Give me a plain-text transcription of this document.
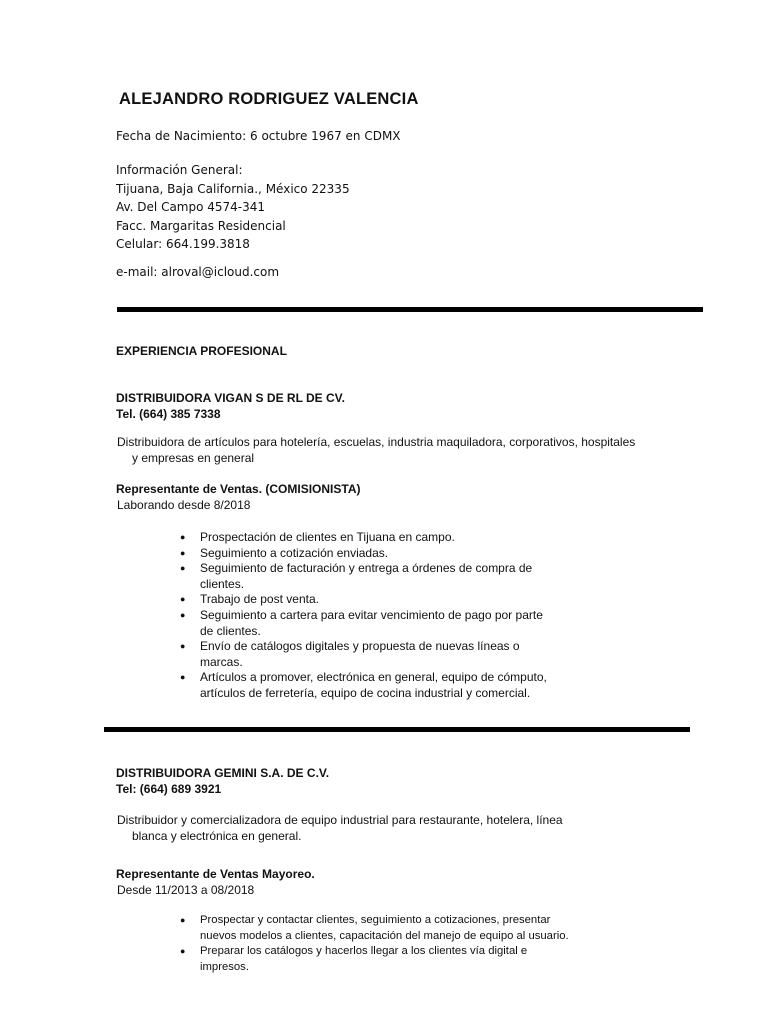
ALEJANDRO RODRIGUEZ VALENCIA
Fecha de Nacimiento: 6 octubre 1967 en CDMX
Información General:
Tijuana, Baja California., México 22335
Av. Del Campo 4574-341
Facc. Margaritas Residencial
Celular: 664.199.3818
e-mail: alroval@icloud.com
EXPERIENCIA PROFESIONAL
DISTRIBUIDORA VIGAN S DE RL DE CV.
Tel. (664) 385 7338
Distribuidora de artículos para hotelería, escuelas, industria maquiladora, corporativos, hospitales
y empresas en general
Representante de Ventas. (COMISIONISTA)
Laborando desde 8/2018
● Prospectación de clientes en Tijuana en campo.
● Seguimiento a cotización enviadas.
● Seguimiento de facturación y entrega a órdenes de compra de clientes.
● Trabajo de post venta.
● Seguimiento a cartera para evitar vencimiento de pago por parte de clientes.
● Envío de catálogos digitales y propuesta de nuevas líneas o marcas.
● Artículos a promover, electrónica en general, equipo de cómputo, artículos de ferretería, equipo de cocina industrial y comercial.
DISTRIBUIDORA GEMINI S.A. DE C.V.
Tel: (664) 689 3921
Distribuidor y comercializadora de equipo industrial para restaurante, hotelera, línea
blanca y electrónica en general.
Representante de Ventas Mayoreo.
Desde 11/2013 a 08/2018
● Prospectar y contactar clientes, seguimiento a cotizaciones, presentar nuevos modelos a clientes, capacitación del manejo de equipo al usuario.
● Preparar los catálogos y hacerlos llegar a los clientes vía digital e impresos.
